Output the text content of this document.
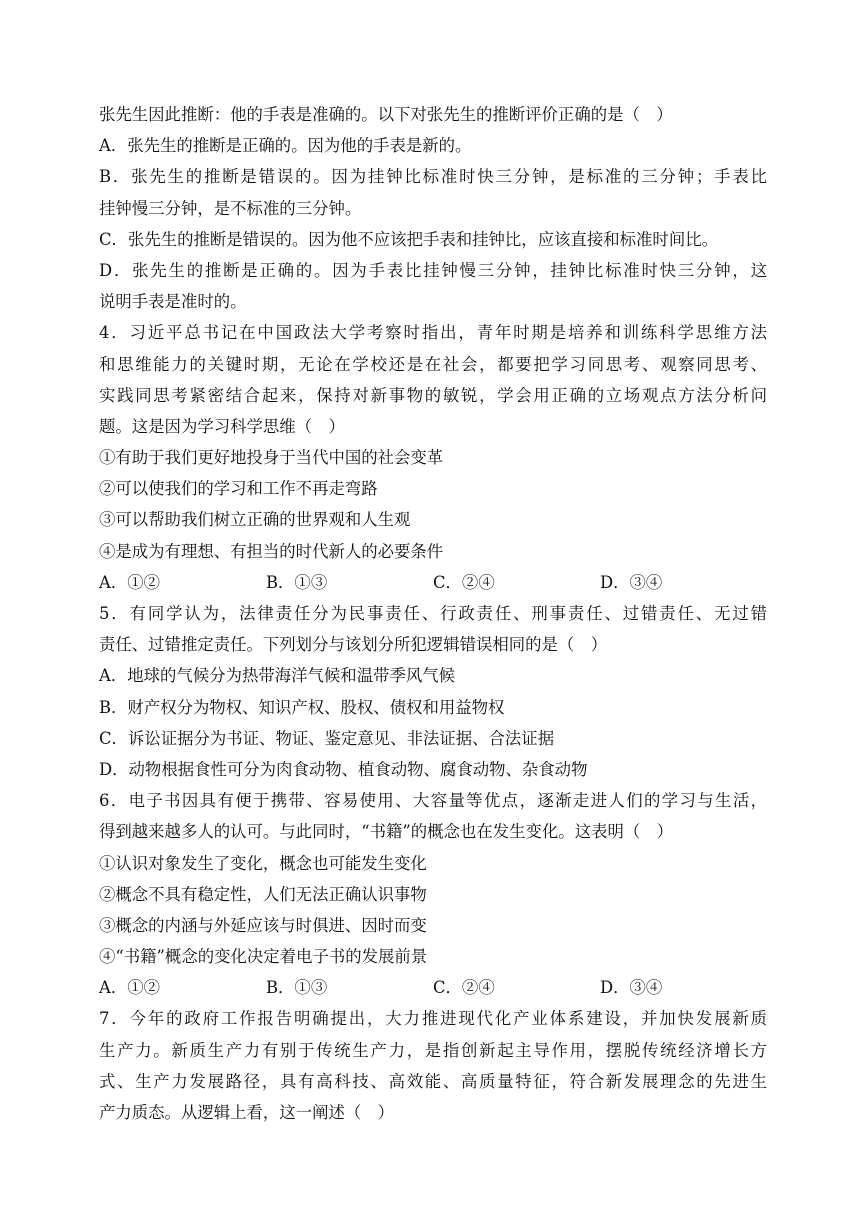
张先生因此推断：他的手表是准确的。以下对张先生的推断评价正确的是（　）
A．张先生的推断是正确的。因为他的手表是新的。
B．张先生的推断是错误的。因为挂钟比标准时快三分钟，是标准的三分钟；手表比
挂钟慢三分钟，是不标准的三分钟。
C．张先生的推断是错误的。因为他不应该把手表和挂钟比，应该直接和标准时间比。
D．张先生的推断是正确的。因为手表比挂钟慢三分钟，挂钟比标准时快三分钟，这
说明手表是准时的。
4．习近平总书记在中国政法大学考察时指出，青年时期是培养和训练科学思维方法
和思维能力的关键时期，无论在学校还是在社会，都要把学习同思考、观察同思考、
实践同思考紧密结合起来，保持对新事物的敏锐，学会用正确的立场观点方法分析问
题。这是因为学习科学思维（　）
①有助于我们更好地投身于当代中国的社会变革
②可以使我们的学习和工作不再走弯路
③可以帮助我们树立正确的世界观和人生观
④是成为有理想、有担当的时代新人的必要条件
A．①②	B．①③	C．②④	D．③④
5．有同学认为，法律责任分为民事责任、行政责任、刑事责任、过错责任、无过错
责任、过错推定责任。下列划分与该划分所犯逻辑错误相同的是（　）
A．地球的气候分为热带海洋气候和温带季风气候
B．财产权分为物权、知识产权、股权、债权和用益物权
C．诉讼证据分为书证、物证、鉴定意见、非法证据、合法证据
D．动物根据食性可分为肉食动物、植食动物、腐食动物、杂食动物
6．电子书因具有便于携带、容易使用、大容量等优点，逐渐走进人们的学习与生活，
得到越来越多人的认可。与此同时，“书籍”的概念也在发生变化。这表明（　）
①认识对象发生了变化，概念也可能发生变化
②概念不具有稳定性，人们无法正确认识事物
③概念的内涵与外延应该与时俱进、因时而变
④“书籍”概念的变化决定着电子书的发展前景
A．①②	B．①③	C．②④	D．③④
7．今年的政府工作报告明确提出，大力推进现代化产业体系建设，并加快发展新质
生产力。新质生产力有别于传统生产力，是指创新起主导作用，摆脱传统经济增长方
式、生产力发展路径，具有高科技、高效能、高质量特征，符合新发展理念的先进生
产力质态。从逻辑上看，这一阐述（　）
